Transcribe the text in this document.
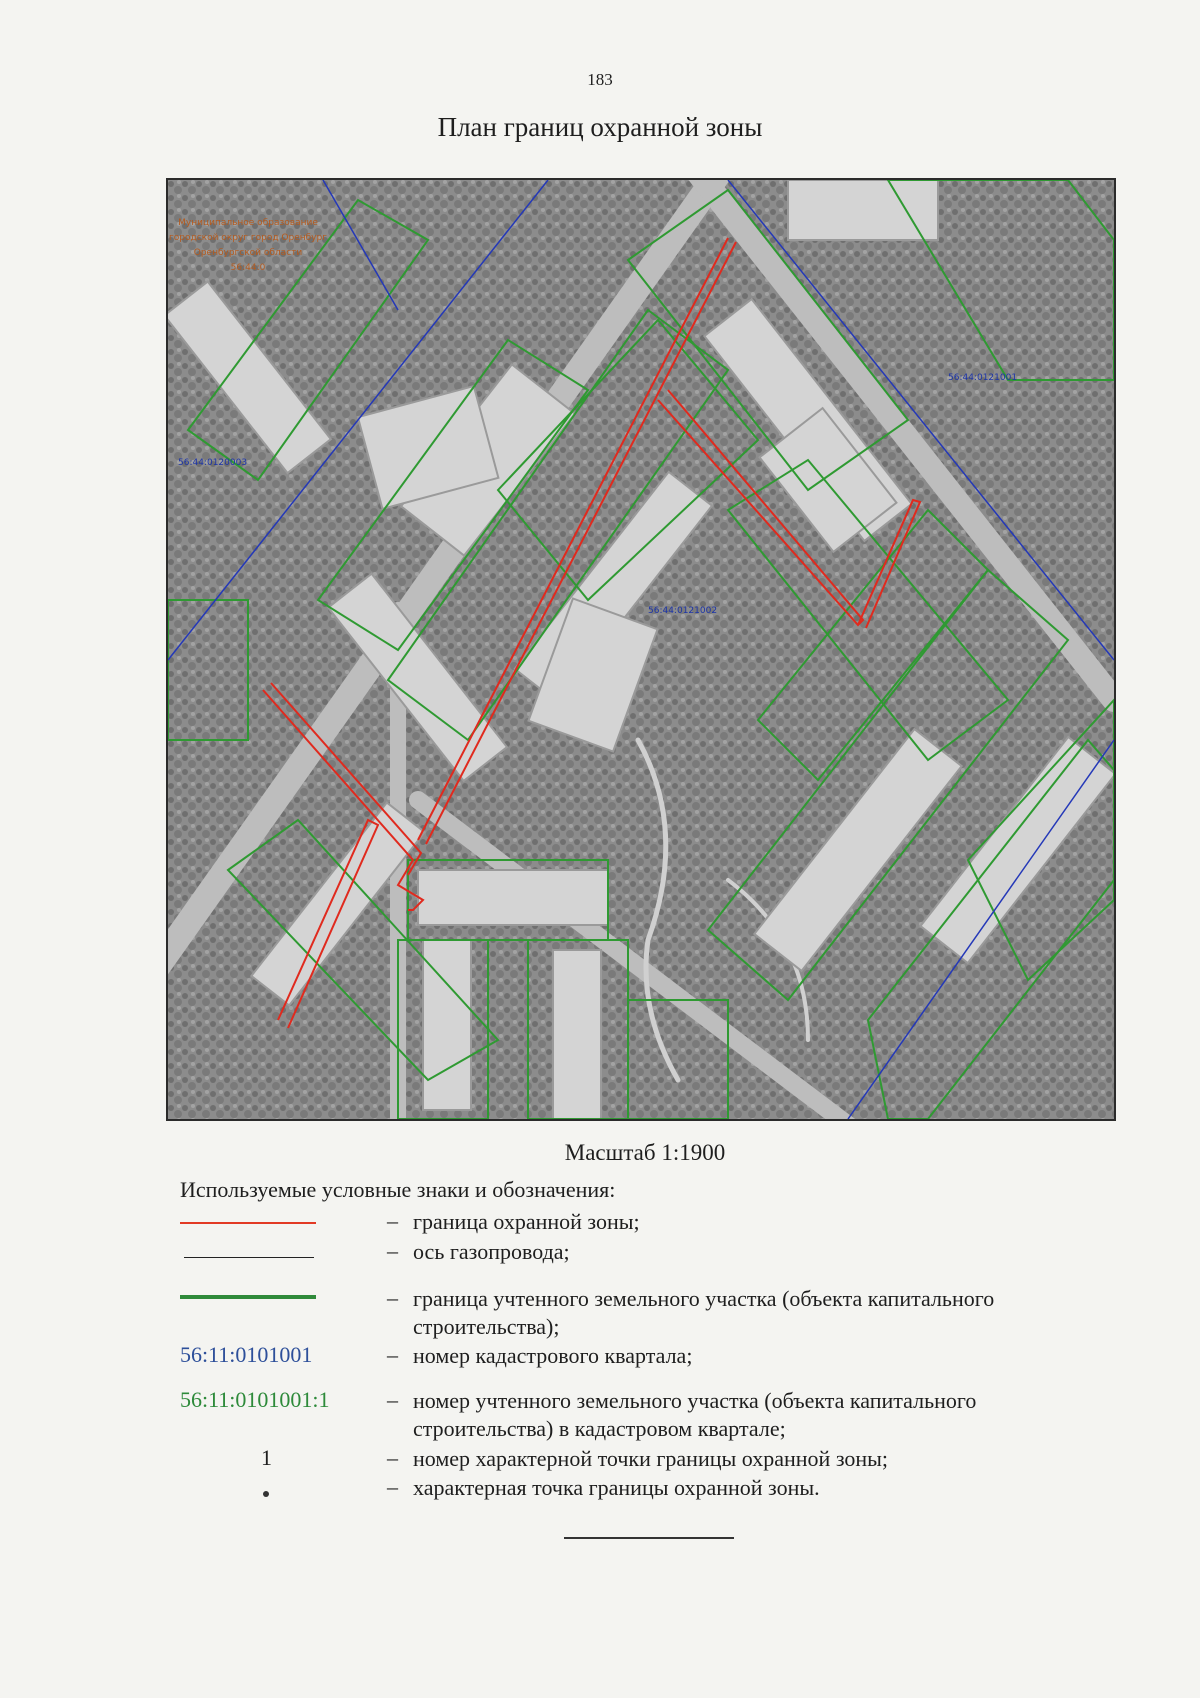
183
План границ охранной зоны
Муниципальное образование
городской округ город Оренбург
Оренбургской области
56:44:0
56:44:0121001
56:44:0120003
56:44:0121002
Масштаб 1:1900
Используемые условные знаки и обозначения:
– граница охранной зоны;
– ось газопровода;
– граница учтенного земельного участка (объекта капитального
строительства);
56:11:0101001	– номер кадастрового квартала;
56:11:0101001:1	– номер учтенного земельного участка (объекта капитального
строительства) в кадастровом квартале;
1	– номер характерной точки границы охранной зоны;
– характерная точка границы охранной зоны.
